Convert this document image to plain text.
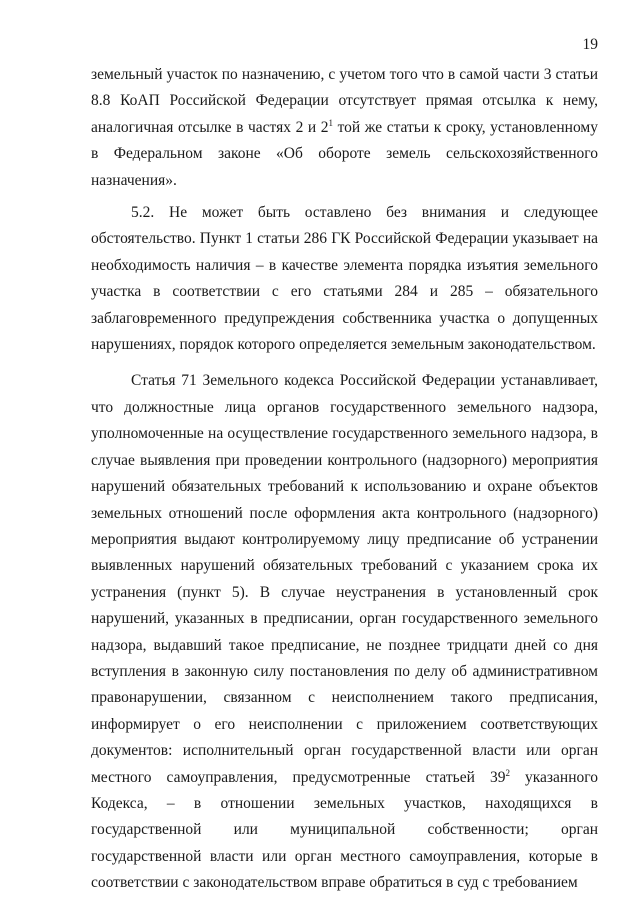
19

земельный участок по назначению, с учетом того что в самой части 3 статьи 8.8 КоАП Российской Федерации отсутствует прямая отсылка к нему, аналогичная отсылке в частях 2 и $2^1$ той же статьи к сроку, установленному в Федеральном законе «Об обороте земель сельскохозяйственного назначения».

5.2. Не может быть оставлено без внимания и следующее обстоятельство. Пункт 1 статьи 286 ГК Российской Федерации указывает на необходимость наличия – в качестве элемента порядка изъятия земельного участка в соответствии с его статьями 284 и 285 – обязательного заблаговременного предупреждения собственника участка о допущенных нарушениях, порядок которого определяется земельным законодательством.

Статья 71 Земельного кодекса Российской Федерации устанавливает, что должностные лица органов государственного земельного надзора, уполномоченные на осуществление государственного земельного надзора, в случае выявления при проведении контрольного (надзорного) мероприятия нарушений обязательных требований к использованию и охране объектов земельных отношений после оформления акта контрольного (надзорного) мероприятия выдают контролируемому лицу предписание об устранении выявленных нарушений обязательных требований с указанием срока их устранения (пункт 5). В случае неустранения в установленный срок нарушений, указанных в предписании, орган государственного земельного надзора, выдавший такое предписание, не позднее тридцати дней со дня вступления в законную силу постановления по делу об административном правонарушении, связанном с неисполнением такого предписания, информирует о его неисполнении с приложением соответствующих документов: исполнительный орган государственной власти или орган местного самоуправления, предусмотренные статьей $39^2$ указанного Кодекса, – в отношении земельных участков, находящихся в государственной или муниципальной собственности; орган государственной власти или орган местного самоуправления, которые в соответствии с законодательством вправе обратиться в суд с требованием
